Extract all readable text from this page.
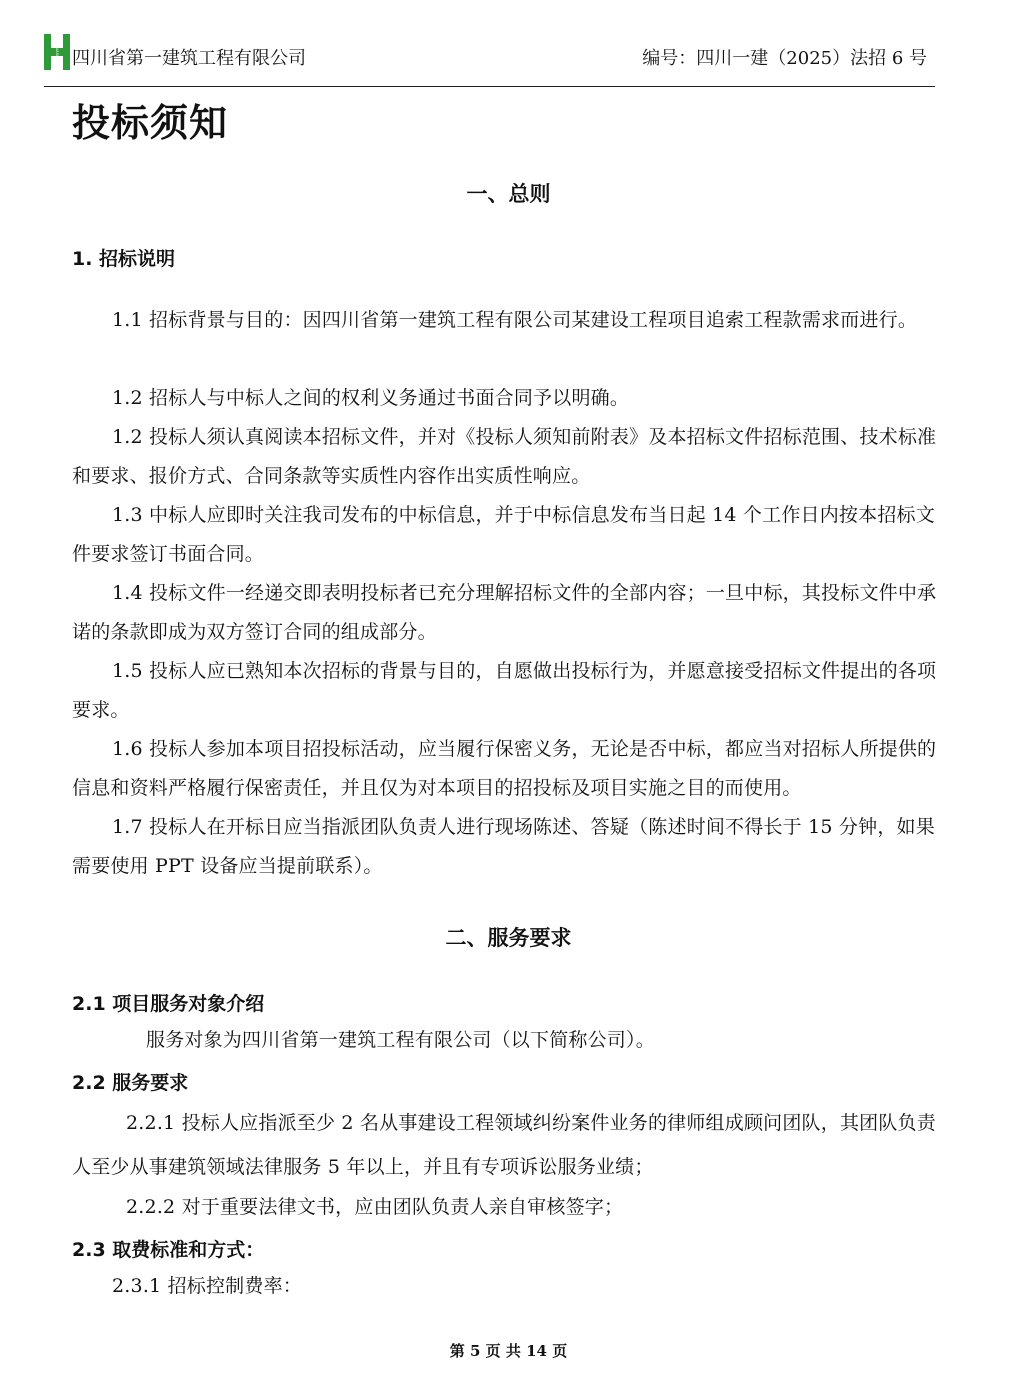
HUASHI 四川省第一建筑工程有限公司	编号：四川一建（2025）法招 6 号
投标须知
一、总则
1. 招标说明
1.1 招标背景与目的：因四川省第一建筑工程有限公司某建设工程项目追索工程款需求而进行。
1.2 招标人与中标人之间的权利义务通过书面合同予以明确。
1.2 投标人须认真阅读本招标文件，并对《投标人须知前附表》及本招标文件招标范围、技术标准和要求、报价方式、合同条款等实质性内容作出实质性响应。
1.3 中标人应即时关注我司发布的中标信息，并于中标信息发布当日起 14 个工作日内按本招标文件要求签订书面合同。
1.4 投标文件一经递交即表明投标者已充分理解招标文件的全部内容；一旦中标，其投标文件中承诺的条款即成为双方签订合同的组成部分。
1.5 投标人应已熟知本次招标的背景与目的，自愿做出投标行为，并愿意接受招标文件提出的各项要求。
1.6 投标人参加本项目招投标活动，应当履行保密义务，无论是否中标，都应当对招标人所提供的信息和资料严格履行保密责任，并且仅为对本项目的招投标及项目实施之目的而使用。
1.7 投标人在开标日应当指派团队负责人进行现场陈述、答疑（陈述时间不得长于 15 分钟，如果需要使用 PPT 设备应当提前联系）。
二、服务要求
2.1 项目服务对象介绍
服务对象为四川省第一建筑工程有限公司（以下简称公司）。
2.2 服务要求
2.2.1 投标人应指派至少 2 名从事建设工程领域纠纷案件业务的律师组成顾问团队，其团队负责人至少从事建筑领域法律服务 5 年以上，并且有专项诉讼服务业绩；
2.2.2 对于重要法律文书，应由团队负责人亲自审核签字；
2.3 取费标准和方式：
2.3.1 招标控制费率：
第 5 页 共 14 页
